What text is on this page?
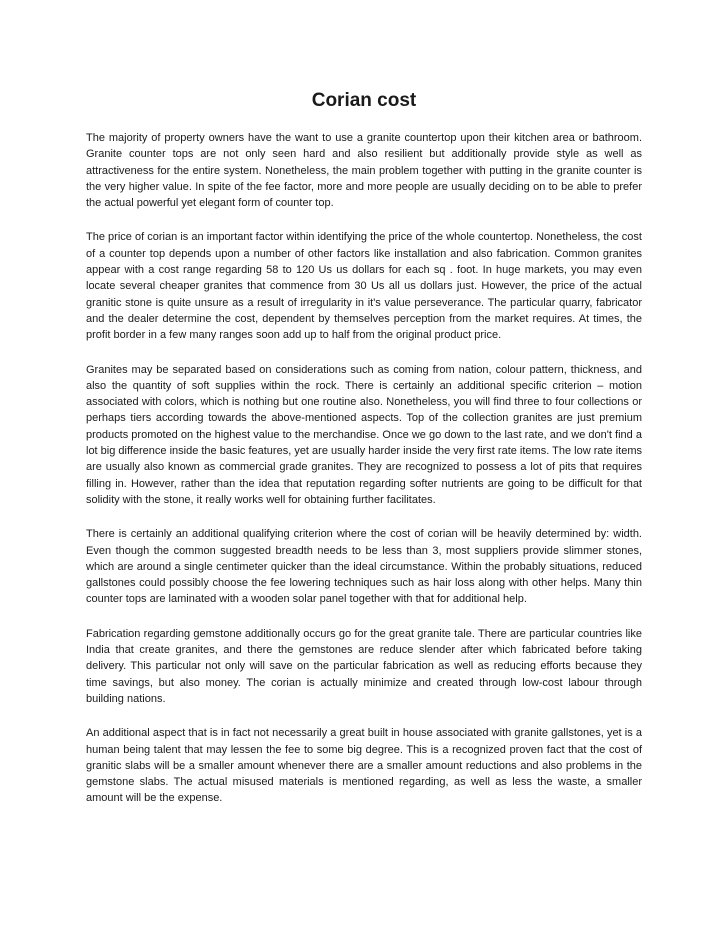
Corian cost

The majority of property owners have the want to use a granite countertop upon their kitchen area or bathroom. Granite counter tops are not only seen hard and also resilient but additionally provide style as well as attractiveness for the entire system. Nonetheless, the main problem together with putting in the granite counter is the very higher value. In spite of the fee factor, more and more people are usually deciding on to be able to prefer the actual powerful yet elegant form of counter top.

The price of corian is an important factor within identifying the price of the whole countertop. Nonetheless, the cost of a counter top depends upon a number of other factors like installation and also fabrication. Common granites appear with a cost range regarding 58 to 120 Us us dollars for each sq . foot. In huge markets, you may even locate several cheaper granites that commence from 30 Us all us dollars just. However, the price of the actual granitic stone is quite unsure as a result of irregularity in it's value perseverance. The particular quarry, fabricator and the dealer determine the cost, dependent by themselves perception from the market requires. At times, the profit border in a few many ranges soon add up to half from the original product price.

Granites may be separated based on considerations such as coming from nation, colour pattern, thickness, and also the quantity of soft supplies within the rock. There is certainly an additional specific criterion – motion associated with colors, which is nothing but one routine also. Nonetheless, you will find three to four collections or perhaps tiers according towards the above-mentioned aspects. Top of the collection granites are just premium products promoted on the highest value to the merchandise. Once we go down to the last rate, and we don't find a lot big difference inside the basic features, yet are usually harder inside the very first rate items. The low rate items are usually also known as commercial grade granites. They are recognized to possess a lot of pits that requires filling in. However, rather than the idea that reputation regarding softer nutrients are going to be difficult for that solidity with the stone, it really works well for obtaining further facilitates.

There is certainly an additional qualifying criterion where the cost of corian will be heavily determined by: width. Even though the common suggested breadth needs to be less than 3, most suppliers provide slimmer stones, which are around a single centimeter quicker than the ideal circumstance. Within the probably situations, reduced gallstones could possibly choose the fee lowering techniques such as hair loss along with other helps. Many thin counter tops are laminated with a wooden solar panel together with that for additional help.

Fabrication regarding gemstone additionally occurs go for the great granite tale. There are particular countries like India that create granites, and there the gemstones are reduce slender after which fabricated before taking delivery. This particular not only will save on the particular fabrication as well as reducing efforts because they time savings, but also money. The corian is actually minimize and created through low-cost labour through building nations.

An additional aspect that is in fact not necessarily a great built in house associated with granite gallstones, yet is a human being talent that may lessen the fee to some big degree. This is a recognized proven fact that the cost of granitic slabs will be a smaller amount whenever there are a smaller amount reductions and also problems in the gemstone slabs. The actual misused materials is mentioned regarding, as well as less the waste, a smaller amount will be the expense.
